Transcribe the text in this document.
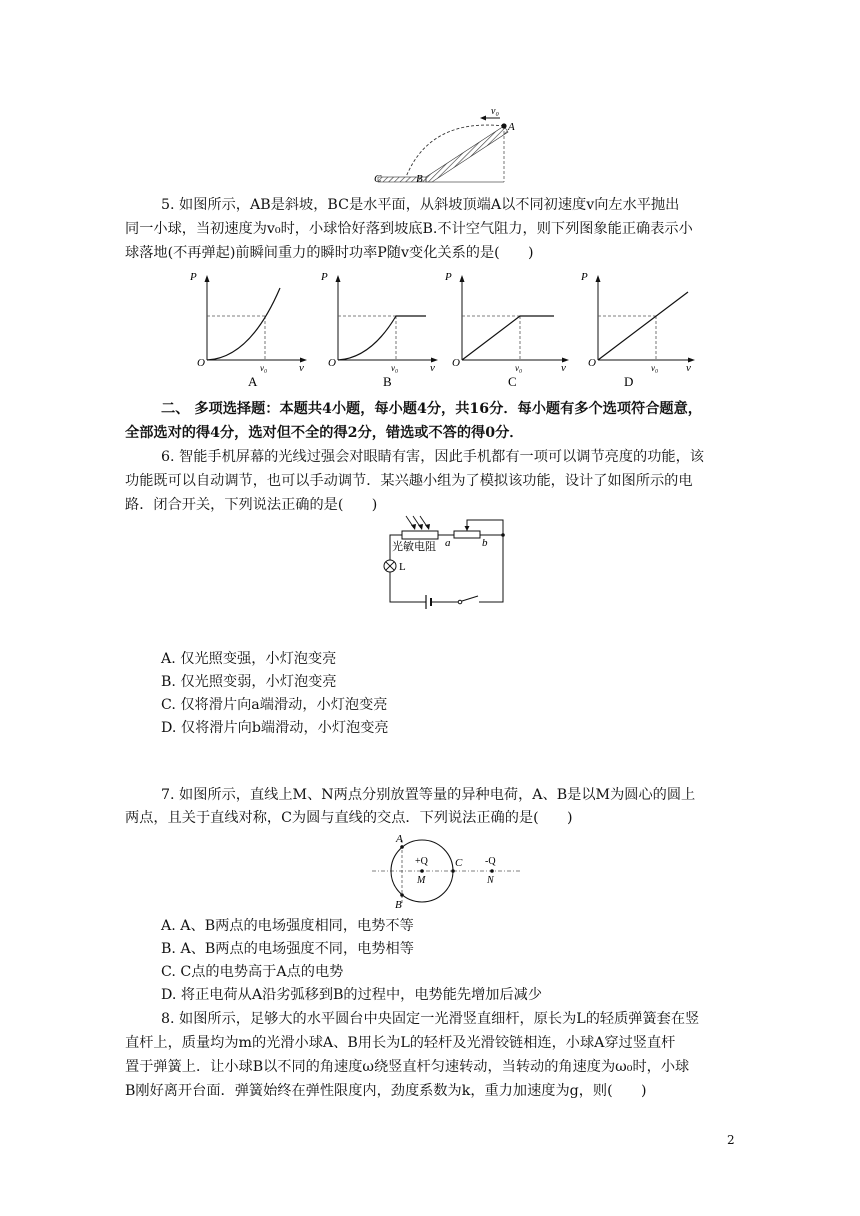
v₀
A
B
C
5. 如图所示，AB是斜坡，BC是水平面，从斜坡顶端A以不同初速度v向左水平抛出
同一小球，当初速度为v₀时，小球恰好落到坡底B.不计空气阻力，则下列图象能正确表示小
球落地(不再弹起)前瞬间重力的瞬时功率P随v变化关系的是(　　)
P
O	v₀	v
A
P
O	v₀	v
B
P
O	v₀	v
C
P
O	v₀	v
D
二、 多项选择题：本题共4小题，每小题4分，共16分．每小题有多个选项符合题意，
全部选对的得4分，选对但不全的得2分，错选或不答的得0分．
6. 智能手机屏幕的光线过强会对眼睛有害，因此手机都有一项可以调节亮度的功能，该
功能既可以自动调节，也可以手动调节．某兴趣小组为了模拟该功能，设计了如图所示的电
路．闭合开关，下列说法正确的是(　　)
光敏电阻 a	b
L
A. 仅光照变强，小灯泡变亮
B. 仅光照变弱，小灯泡变亮
C. 仅将滑片向a端滑动，小灯泡变亮
D. 仅将滑片向b端滑动，小灯泡变亮
7. 如图所示，直线上M、N两点分别放置等量的异种电荷，A、B是以M为圆心的圆上
两点，且关于直线对称，C为圆与直线的交点．下列说法正确的是(　　)
A
B
C
+Q	-Q
M	N
A. A、B两点的电场强度相同，电势不等
B. A、B两点的电场强度不同，电势相等
C. C点的电势高于A点的电势
D. 将正电荷从A沿劣弧移到B的过程中，电势能先增加后减少
8. 如图所示，足够大的水平圆台中央固定一光滑竖直细杆，原长为L的轻质弹簧套在竖
直杆上，质量均为m的光滑小球A、B用长为L的轻杆及光滑铰链相连，小球A穿过竖直杆
置于弹簧上．让小球B以不同的角速度ω绕竖直杆匀速转动，当转动的角速度为ω₀时，小球
B刚好离开台面．弹簧始终在弹性限度内，劲度系数为k，重力加速度为g，则(　　)
2
